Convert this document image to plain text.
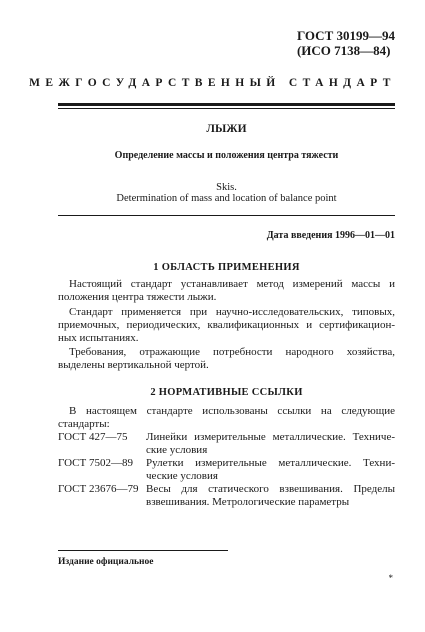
ГОСТ 30199—94
(ИСО 7138—84)
МЕЖГОСУДАРСТВЕННЫЙ СТАНДАРТ
ЛЫЖИ
Определение массы и положения центра тяжести
Skis.
Determination of mass and location of balance point
Дата введения 1996—01—01
1 ОБЛАСТЬ ПРИМЕНЕНИЯ
Настоящий стандарт устанавливает метод измерений массы и
положения центра тяжести лыжи.
Стандарт применяется при научно-исследовательских, типовых,
приемочных, периодических, квалификационных и сертификацион-
ных испытаниях.
Требования, отражающие потребности народного хозяйства,
выделены вертикальной чертой.
2 НОРМАТИВНЫЕ ССЫЛКИ
В настоящем стандарте использованы ссылки на следующие
стандарты:
ГОСТ 427—75 Линейки измерительные металлические. Техниче-
ские условия
ГОСТ 7502—89 Рулетки измерительные металлические. Техни-
ческие условия
ГОСТ 23676—79 Весы для статического взвешивания. Пределы
взвешивания. Метрологические параметры
Издание официальное
*
